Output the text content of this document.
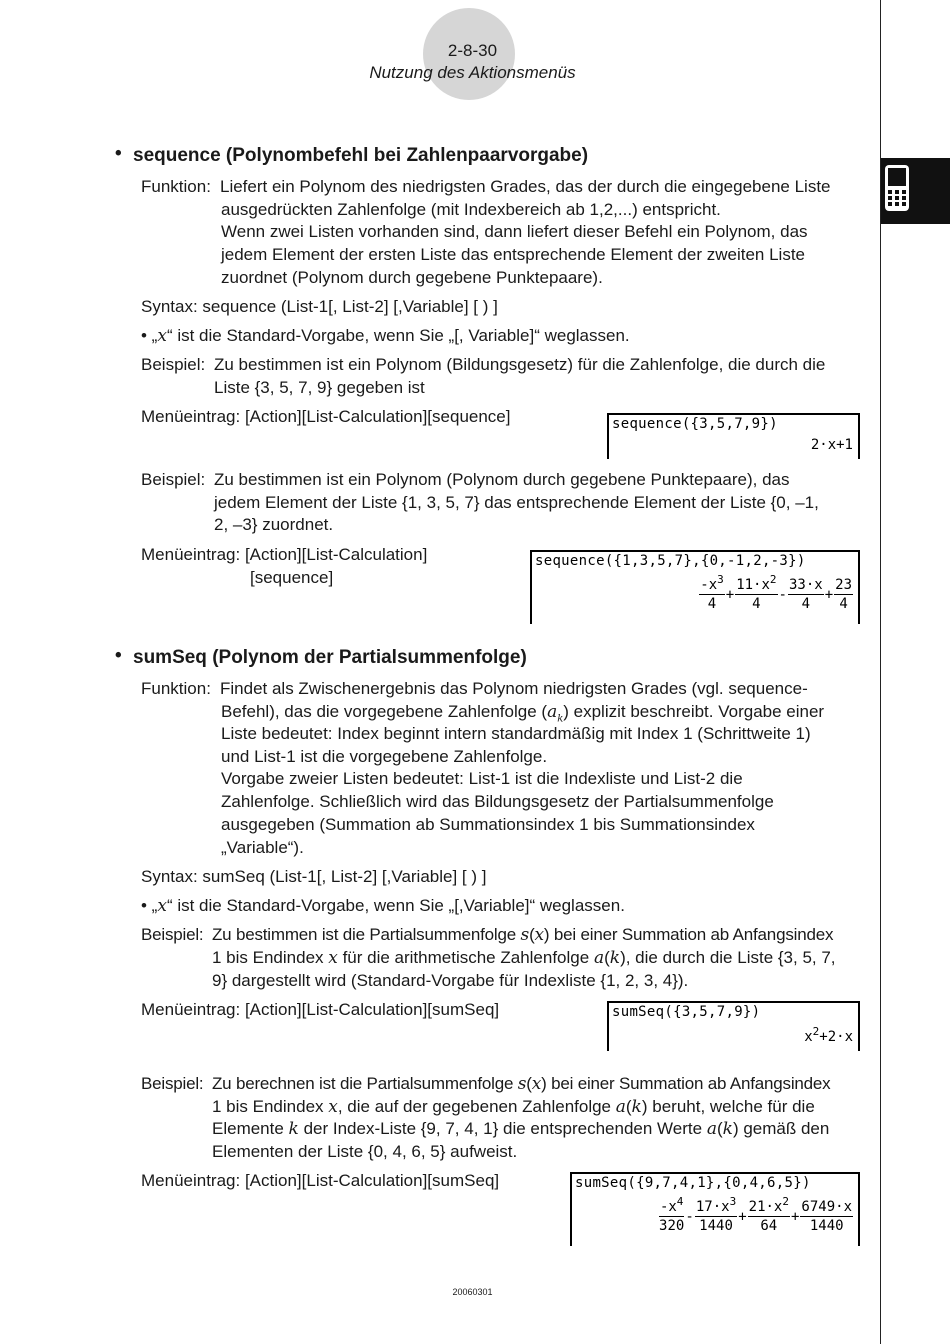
2-8-30
Nutzung des Aktionsmenüs
• sequence (Polynombefehl bei Zahlenpaarvorgabe)
Funktion: Liefert ein Polynom des niedrigsten Grades, das der durch die eingegebene Liste
ausgedrückten Zahlenfolge (mit Indexbereich ab 1,2,...) entspricht.
Wenn zwei Listen vorhanden sind, dann liefert dieser Befehl ein Polynom, das
jedem Element der ersten Liste das entsprechende Element der zweiten Liste
zuordnet (Polynom durch gegebene Punktepaare).
Syntax: sequence (List-1[, List-2] [,Variable] [ ) ]
• „x“ ist die Standard-Vorgabe, wenn Sie „[, Variable]“ weglassen.
Beispiel: Zu bestimmen ist ein Polynom (Bildungsgesetz) für die Zahlenfolge, die durch die
Liste {3, 5, 7, 9} gegeben ist
Menüeintrag: [Action][List-Calculation][sequence]	sequence({3,5,7,9})
2·x+1
Beispiel: Zu bestimmen ist ein Polynom (Polynom durch gegebene Punktepaare), das
jedem Element der Liste {1, 3, 5, 7} das entsprechende Element der Liste {0, –1,
2, –3} zuordnet.
Menüeintrag: [Action][List-Calculation]
[sequence]
sequence({1,3,5,7},{0,-1,2,-3})
$\frac{-x^3}{4} + \frac{11\cdot x^2}{4} - \frac{33\cdot x}{4} + \frac{23}{4}$
• sumSeq (Polynom der Partialsummenfolge)
Funktion: Findet als Zwischenergebnis das Polynom niedrigsten Grades (vgl. sequence-
Befehl), das die vorgegebene Zahlenfolge $(a_k)$ explizit beschreibt. Vorgabe einer
Liste bedeutet: Index beginnt intern standardmäßig mit Index 1 (Schrittweite 1)
und List-1 ist die vorgegebene Zahlenfolge.
Vorgabe zweier Listen bedeutet: List-1 ist die Indexliste und List-2 die
Zahlenfolge. Schließlich wird das Bildungsgesetz der Partialsummenfolge
ausgegeben (Summation ab Summationsindex 1 bis Summationsindex
„Variable“).
Syntax: sumSeq (List-1[, List-2] [,Variable] [ ) ]
• „x“ ist die Standard-Vorgabe, wenn Sie „[,Variable]“ weglassen.
Beispiel: Zu bestimmen ist die Partialsummenfolge s(x) bei einer Summation ab Anfangsindex
1 bis Endindex x für die arithmetische Zahlenfolge a(k), die durch die Liste {3, 5, 7,
9} dargestellt wird (Standard-Vorgabe für Indexliste {1, 2, 3, 4}).
Menüeintrag: [Action][List-Calculation][sumSeq]	sumSeq({3,5,7,9})
$x^2+2\cdot x$
Beispiel: Zu berechnen ist die Partialsummenfolge s(x) bei einer Summation ab Anfangsindex
1 bis Endindex x, die auf der gegebenen Zahlenfolge a(k) beruht, welche für die
Elemente k der Index-Liste {9, 7, 4, 1} die entsprechenden Werte a(k) gemäß den
Elementen der Liste {0, 4, 6, 5} aufweist.
Menüeintrag: [Action][List-Calculation][sumSeq]	sumSeq({9,7,4,1},{0,4,6,5})
$\frac{-x^4}{320} - \frac{17\cdot x^3}{1440} + \frac{21\cdot x^2}{64} + \frac{6749\cdot x}{1440}$
20060301
